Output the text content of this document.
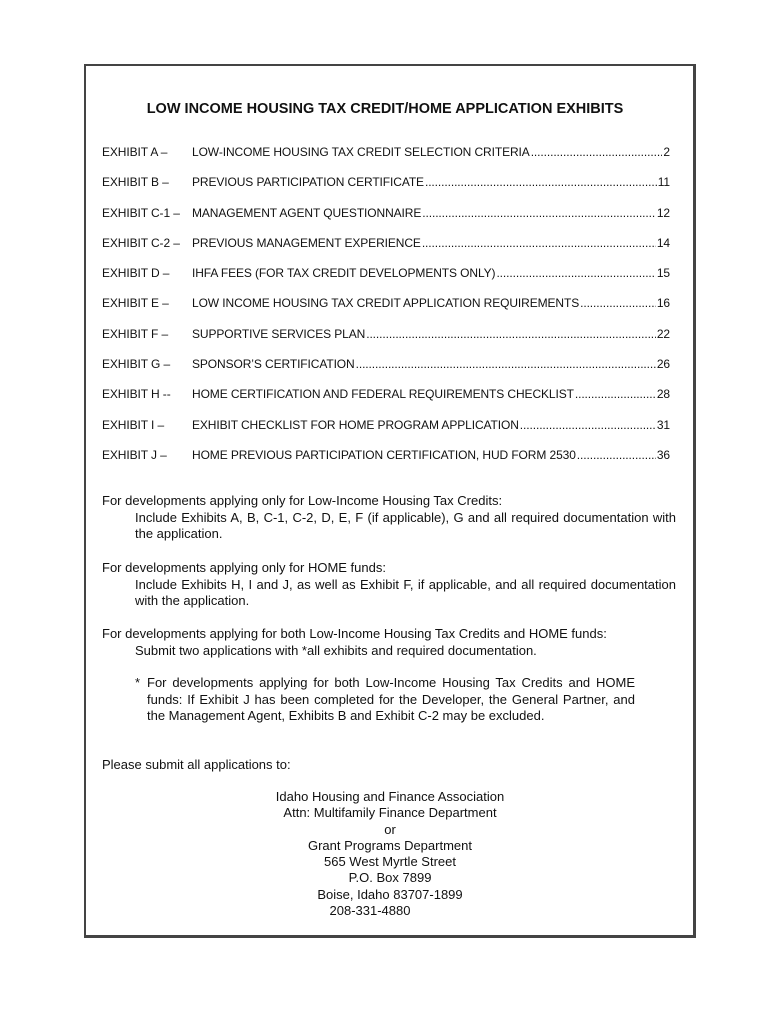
LOW INCOME HOUSING TAX CREDIT/HOME APPLICATION EXHIBITS
EXHIBIT A –	LOW-INCOME HOUSING TAX CREDIT SELECTION CRITERIA .....	2
EXHIBIT B –	PREVIOUS PARTICIPATION CERTIFICATE .....	11
EXHIBIT C-1 –	MANAGEMENT AGENT QUESTIONNAIRE .....	12
EXHIBIT C-2 –	PREVIOUS MANAGEMENT EXPERIENCE .....	14
EXHIBIT D –	IHFA FEES (FOR TAX CREDIT DEVELOPMENTS ONLY) .....	15
EXHIBIT E –	LOW INCOME HOUSING TAX CREDIT APPLICATION REQUIREMENTS .....	16
EXHIBIT F –	SUPPORTIVE SERVICES PLAN .....	22
EXHIBIT G –	SPONSOR’S CERTIFICATION .....	26
EXHIBIT H --	HOME CERTIFICATION AND FEDERAL REQUIREMENTS CHECKLIST .....	28
EXHIBIT I –	EXHIBIT CHECKLIST FOR HOME PROGRAM APPLICATION .....	31
EXHIBIT J –	HOME PREVIOUS PARTICIPATION CERTIFICATION, HUD FORM 2530 .....	36
For developments applying only for Low-Income Housing Tax Credits:
Include Exhibits A, B, C-1, C-2, D, E, F (if applicable), G and all required documentation with the application.
For developments applying only for HOME funds:
Include Exhibits H, I and J, as well as Exhibit F, if applicable, and all required documentation with the application.
For developments applying for both Low-Income Housing Tax Credits and HOME funds:
Submit two applications with *all exhibits and required documentation.
* For developments applying for both Low-Income Housing Tax Credits and HOME funds: If Exhibit J has been completed for the Developer, the General Partner, and the Management Agent, Exhibits B and Exhibit C-2 may be excluded.
Please submit all applications to:
Idaho Housing and Finance Association
Attn: Multifamily Finance Department
or
Grant Programs Department
565 West Myrtle Street
P.O. Box 7899
Boise, Idaho 83707-1899
208-331-4880
